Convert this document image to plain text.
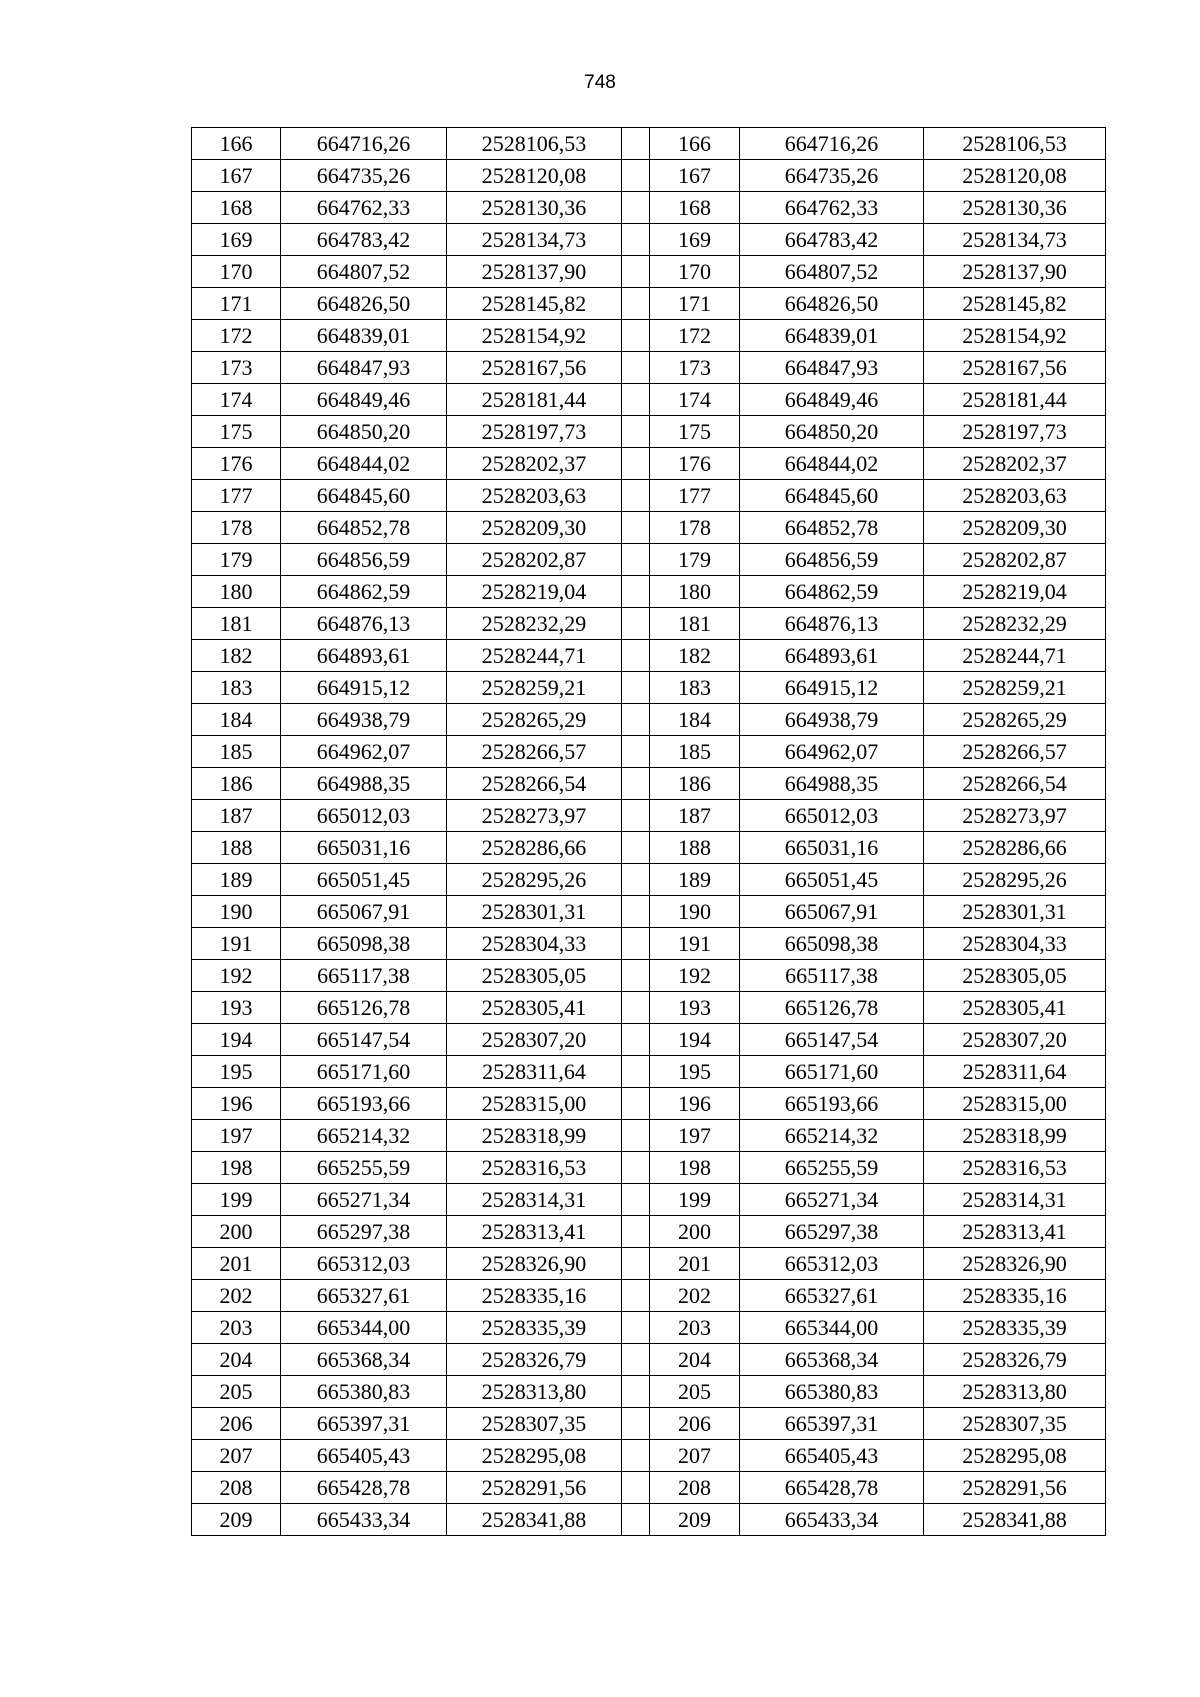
748
166	664716,26	2528106,53		166	664716,26	2528106,53
167	664735,26	2528120,08		167	664735,26	2528120,08
168	664762,33	2528130,36		168	664762,33	2528130,36
169	664783,42	2528134,73		169	664783,42	2528134,73
170	664807,52	2528137,90		170	664807,52	2528137,90
171	664826,50	2528145,82		171	664826,50	2528145,82
172	664839,01	2528154,92		172	664839,01	2528154,92
173	664847,93	2528167,56		173	664847,93	2528167,56
174	664849,46	2528181,44		174	664849,46	2528181,44
175	664850,20	2528197,73		175	664850,20	2528197,73
176	664844,02	2528202,37		176	664844,02	2528202,37
177	664845,60	2528203,63		177	664845,60	2528203,63
178	664852,78	2528209,30		178	664852,78	2528209,30
179	664856,59	2528202,87		179	664856,59	2528202,87
180	664862,59	2528219,04		180	664862,59	2528219,04
181	664876,13	2528232,29		181	664876,13	2528232,29
182	664893,61	2528244,71		182	664893,61	2528244,71
183	664915,12	2528259,21		183	664915,12	2528259,21
184	664938,79	2528265,29		184	664938,79	2528265,29
185	664962,07	2528266,57		185	664962,07	2528266,57
186	664988,35	2528266,54		186	664988,35	2528266,54
187	665012,03	2528273,97		187	665012,03	2528273,97
188	665031,16	2528286,66		188	665031,16	2528286,66
189	665051,45	2528295,26		189	665051,45	2528295,26
190	665067,91	2528301,31		190	665067,91	2528301,31
191	665098,38	2528304,33		191	665098,38	2528304,33
192	665117,38	2528305,05		192	665117,38	2528305,05
193	665126,78	2528305,41		193	665126,78	2528305,41
194	665147,54	2528307,20		194	665147,54	2528307,20
195	665171,60	2528311,64		195	665171,60	2528311,64
196	665193,66	2528315,00		196	665193,66	2528315,00
197	665214,32	2528318,99		197	665214,32	2528318,99
198	665255,59	2528316,53		198	665255,59	2528316,53
199	665271,34	2528314,31		199	665271,34	2528314,31
200	665297,38	2528313,41		200	665297,38	2528313,41
201	665312,03	2528326,90		201	665312,03	2528326,90
202	665327,61	2528335,16		202	665327,61	2528335,16
203	665344,00	2528335,39		203	665344,00	2528335,39
204	665368,34	2528326,79		204	665368,34	2528326,79
205	665380,83	2528313,80		205	665380,83	2528313,80
206	665397,31	2528307,35		206	665397,31	2528307,35
207	665405,43	2528295,08		207	665405,43	2528295,08
208	665428,78	2528291,56		208	665428,78	2528291,56
209	665433,34	2528341,88		209	665433,34	2528341,88
